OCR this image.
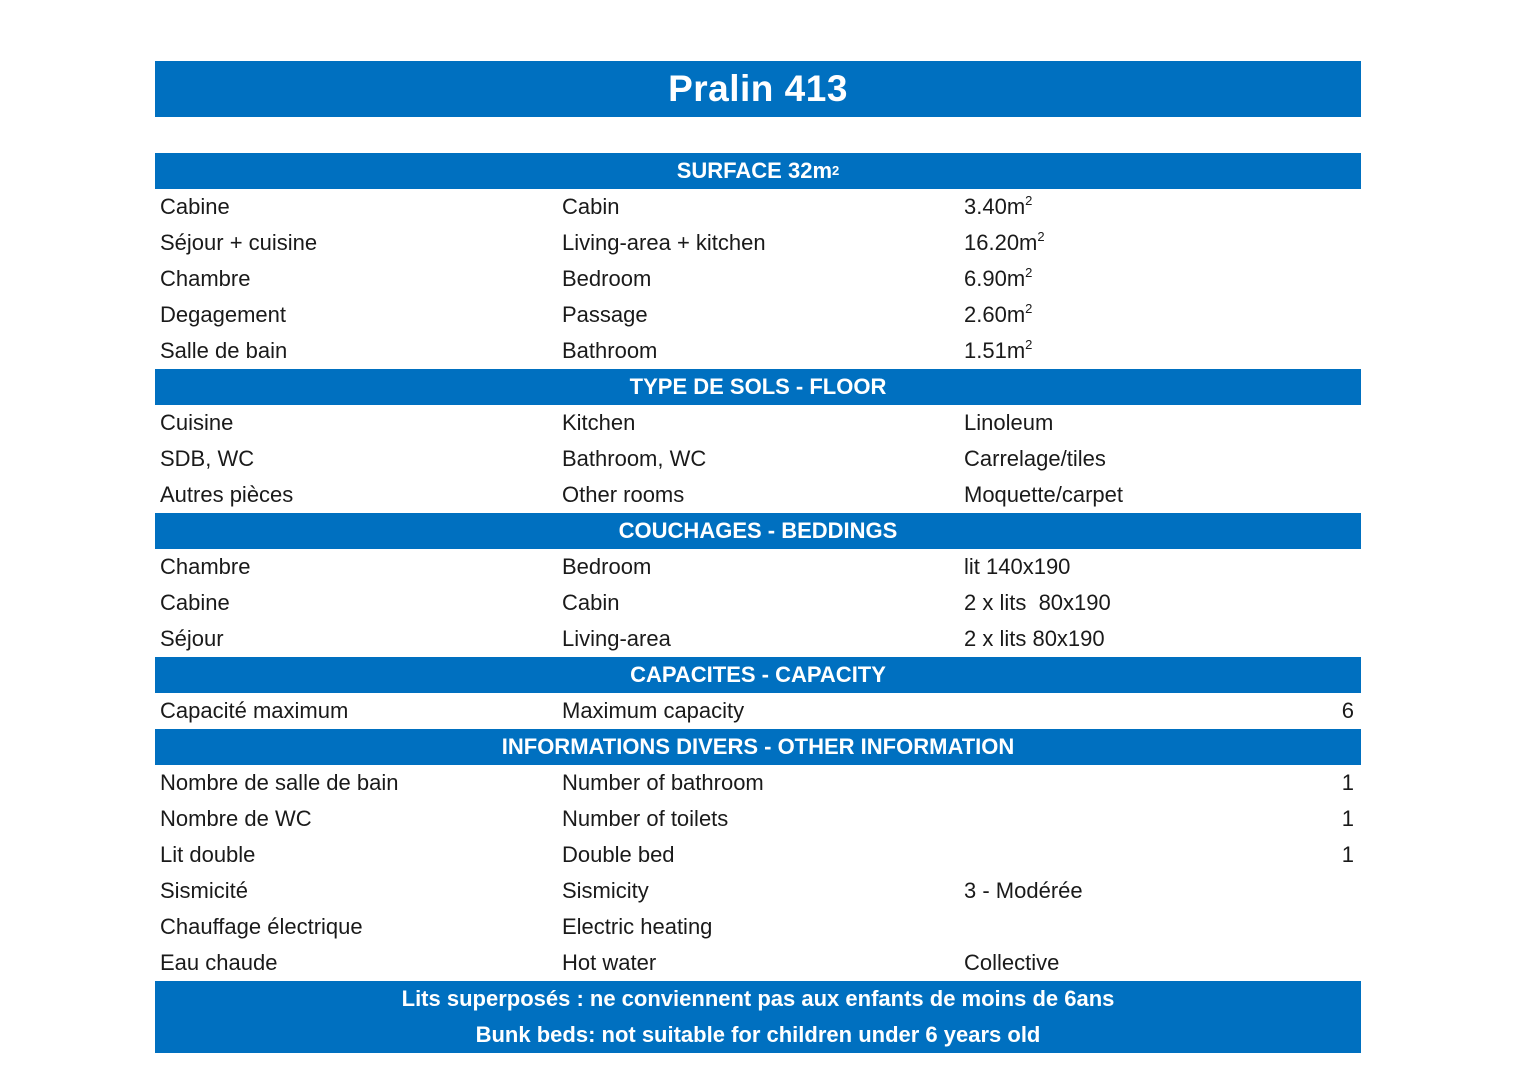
Pralin 413
SURFACE 32m 2
Cabine	Cabin	$3.40m^2$
Séjour + cuisine	Living-area + kitchen	$16.20m^2$
Chambre	Bedroom	$6.90m^2$
Degagement	Passage	$2.60m^2$
Salle de bain	Bathroom	$1.51m^2$
TYPE DE SOLS - FLOOR
Cuisine	Kitchen	Linoleum
SDB, WC	Bathroom, WC	Carrelage/tiles
Autres pièces	Other rooms	Moquette/carpet
COUCHAGES - BEDDINGS
Chambre	Bedroom	lit 140x190
Cabine	Cabin	2 x lits  80x190
Séjour	Living-area	2 x lits 80x190
CAPACITES - CAPACITY
Capacité maximum	Maximum capacity	6
INFORMATIONS DIVERS - OTHER INFORMATION
Nombre de salle de bain	Number of bathroom	1
Nombre de WC	Number of toilets	1
Lit double	Double bed	1
Sismicité	Sismicity	3 - Modérée
Chauffage électrique	Electric heating
Eau chaude	Hot water	Collective
Lits superposés : ne conviennent pas aux enfants de moins de 6ans
Bunk beds: not suitable for children under 6 years old
